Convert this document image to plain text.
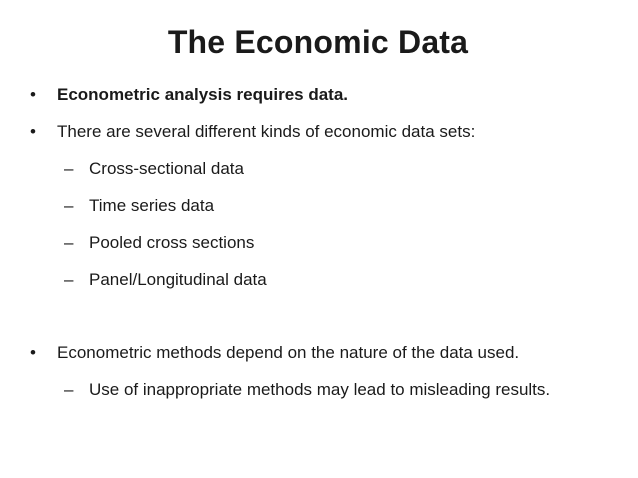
The Economic Data
• Econometric analysis requires data.
• There are several different kinds of economic data sets:
– Cross-sectional data
– Time series data
– Pooled cross sections
– Panel/Longitudinal data
• Econometric methods depend on the nature of the data used.
– Use of inappropriate methods may lead to misleading results.
